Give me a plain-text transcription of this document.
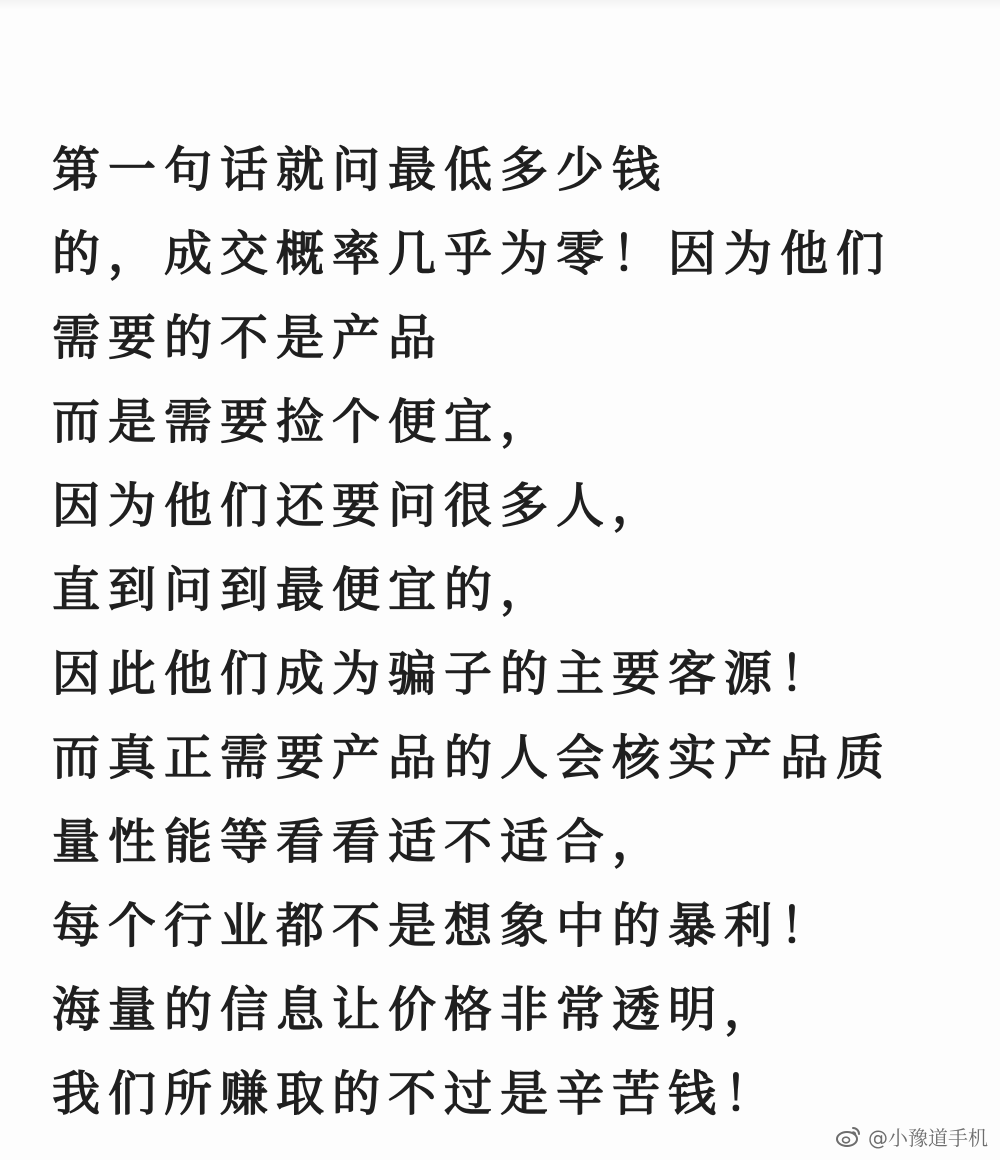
第一句话就问最低多少钱
的，成交概率几乎为零！因为他们
需要的不是产品
而是需要捡个便宜，
因为他们还要问很多人，
直到问到最便宜的，
因此他们成为骗子的主要客源！
而真正需要产品的人会核实产品质
量性能等看看适不适合，
每个行业都不是想象中的暴利！
海量的信息让价格非常透明，
我们所赚取的不过是辛苦钱！
@小豫道手机
